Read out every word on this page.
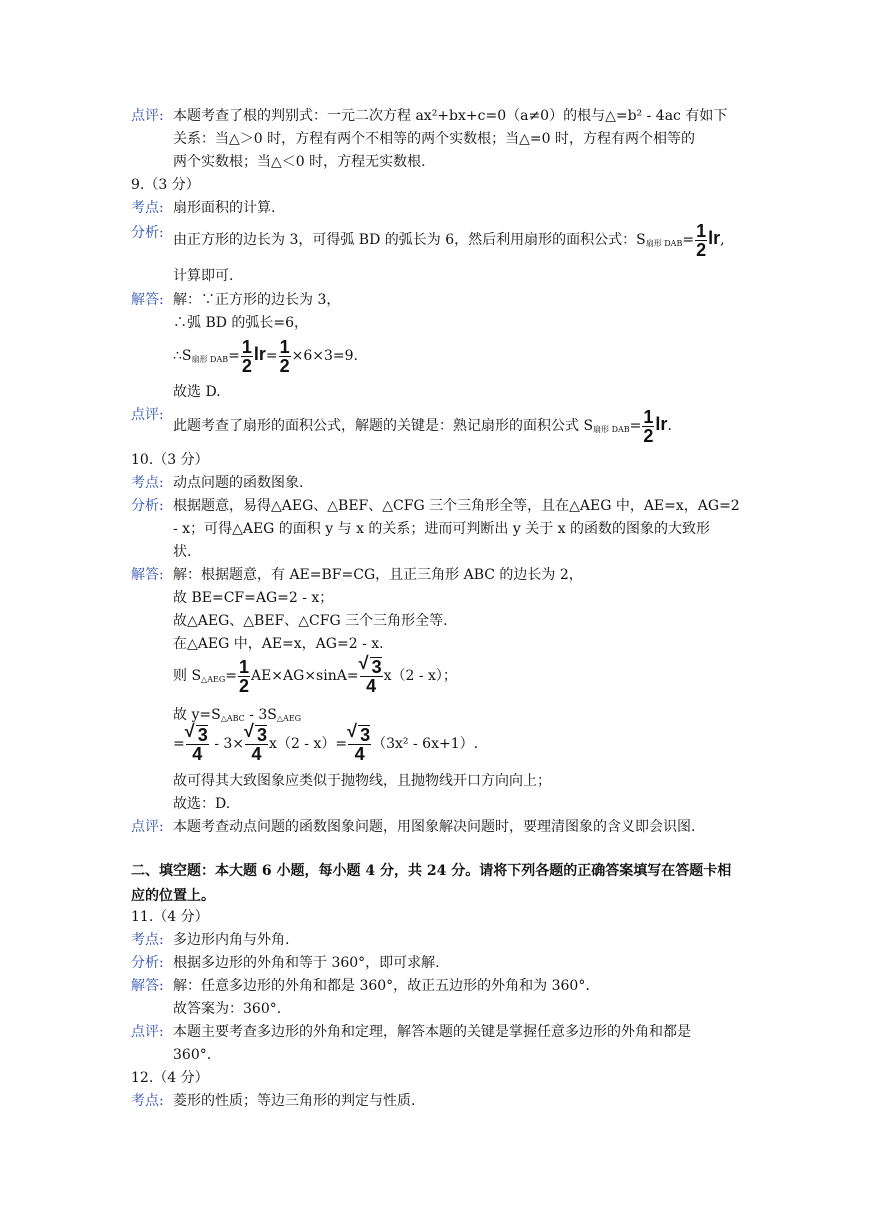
点评: 本题考查了根的判别式：一元二次方程 ax²+bx+c=0（a≠0）的根与△=b² - 4ac 有如下
关系：当△＞0 时，方程有两个不相等的两个实数根；当△=0 时，方程有两个相等的
两个实数根；当△＜0 时，方程无实数根.
9.（3 分）
考点: 扇形面积的计算.
分析: 由正方形的边长为 3，可得弧 BD 的弧长为 6，然后利用扇形的面积公式：$S_{扇形 DAB}= \frac{1}{2}$ lr,
计算即可.
解答: 解：∵正方形的边长为 3，
∴弧 BD 的弧长=6，
$\therefore S_{扇形 DAB}= \frac{1}{2} lr= \frac{1}{2} \times 6\times 3=9$.
故选 D.
点评:
此题考查了扇形的面积公式，解题的关键是：熟记扇形的面积公式 $S_{扇形 DAB}= \frac{1}{2}$ lr.
10.（3 分）
考点: 动点问题的函数图象.
分析: 根据题意，易得△AEG、△BEF、△CFG 三个三角形全等，且在△AEG 中，AE=x，AG=2
- x；可得△AEG 的面积 y 与 x 的关系；进而可判断出 y 关于 x 的函数的图象的大致形
状.
解答: 解：根据题意，有 AE=BF=CG，且正三角形 ABC 的边长为 2，
故 BE=CF=AG=2 - x；
故△AEG、△BEF、△CFG 三个三角形全等.
在△AEG 中，AE=x，AG=2 - x.
则 $S_{\triangle AEG}= \frac{1}{2} AE\times AG\times\sin A=$ √ $\frac{3}{4} x(2 - x)$；
故 $y=S_{\triangle ABC} - 3S_{\triangle AEG}$
= √ $\frac{3}{4} - 3\times$ √ $\frac{3}{4} x(2 - x)=$ √ $\frac{3}{4} (3x^2 - 6x+1)$.
故可得其大致图象应类似于抛物线，且抛物线开口方向向上；
故选：D.
点评: 本题考查动点问题的函数图象问题，用图象解决问题时，要理清图象的含义即会识图.
二、填空题：本大题 6 小题，每小题 4 分，共 24 分。请将下列各题的正确答案填写在答题卡相应的位置上。
11.（4 分）
考点: 多边形内角与外角.
分析: 根据多边形的外角和等于 360°，即可求解.
解答: 解：任意多边形的外角和都是 360°，故正五边形的外角和为 360°.
故答案为：360°.
点评: 本题主要考查多边形的外角和定理，解答本题的关键是掌握任意多边形的外角和都是
360°.
12.（4 分）
考点: 菱形的性质；等边三角形的判定与性质.
